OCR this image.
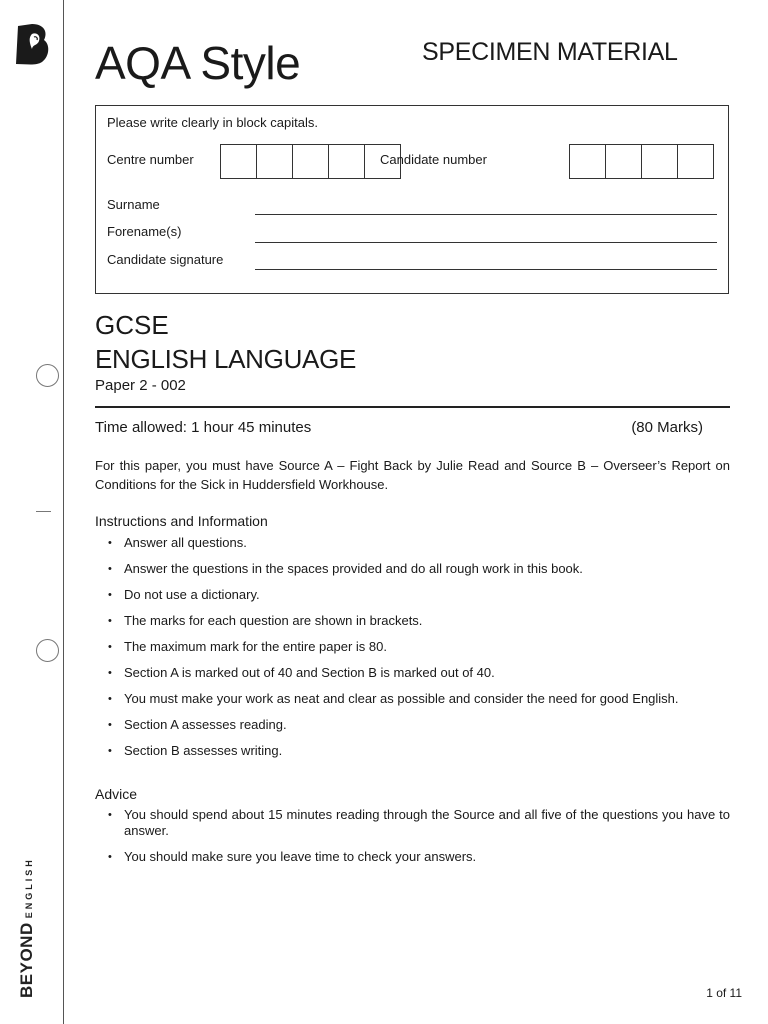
BEYONDENGLISH
AQA Style	SPECIMEN MATERIAL
Please write clearly in block capitals.
Centre number	Candidate number
Surname
Forename(s)
Candidate signature
GCSE
ENGLISH LANGUAGE
Paper 2 - 002
Time allowed: 1 hour 45 minutes	(80 Marks)
For this paper, you must have Source A – Fight Back by Julie Read and Source B – Overseer’s Report on Conditions for the Sick in Huddersfield Workhouse.
Instructions and Information
• Answer all questions.
• Answer the questions in the spaces provided and do all rough work in this book.
• Do not use a dictionary.
• The marks for each question are shown in brackets.
• The maximum mark for the entire paper is 80.
• Section A is marked out of 40 and Section B is marked out of 40.
• You must make your work as neat and clear as possible and consider the need for good English.
• Section A assesses reading.
• Section B assesses writing.
Advice
• You should spend about 15 minutes reading through the Source and all five of the questions you have to answer.
• You should make sure you leave time to check your answers.
1 of 11
